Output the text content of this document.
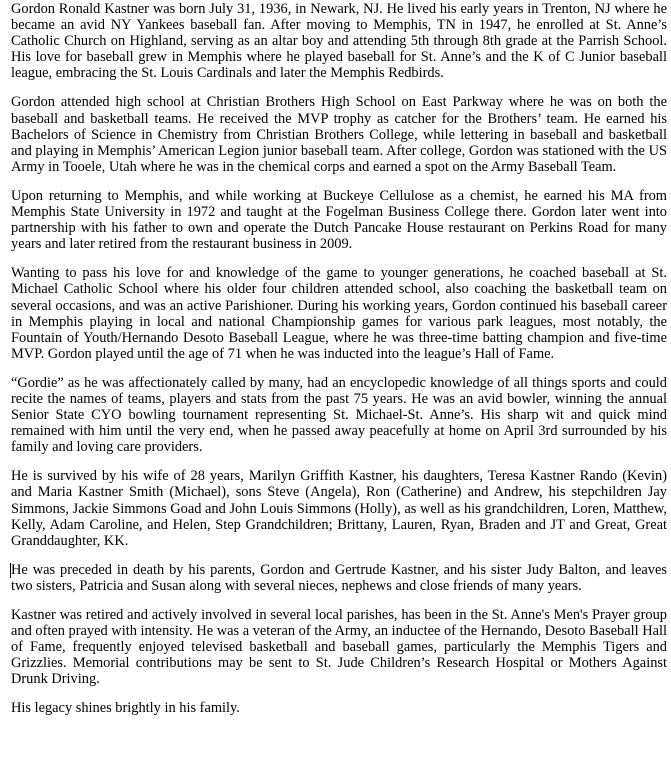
Gordon Ronald Kastner was born July 31, 1936, in Newark, NJ. He lived his early years in Trenton, NJ where he became an avid NY Yankees baseball fan. After moving to Memphis, TN in 1947, he enrolled at St. Anne’s Catholic Church on Highland, serving as an altar boy and attending 5th through 8th grade at the Parrish School. His love for baseball grew in Memphis where he played baseball for St. Anne’s and the K of C Junior baseball league, embracing the St. Louis Cardinals and later the Memphis Redbirds.

Gordon attended high school at Christian Brothers High School on East Parkway where he was on both the baseball and basketball teams. He received the MVP trophy as catcher for the Brothers’ team. He earned his Bachelors of Science in Chemistry from Christian Brothers College, while lettering in baseball and basketball and playing in Memphis’ American Legion junior baseball team. After college, Gordon was stationed with the US Army in Tooele, Utah where he was in the chemical corps and earned a spot on the Army Baseball Team.

Upon returning to Memphis, and while working at Buckeye Cellulose as a chemist, he earned his MA from Memphis State University in 1972 and taught at the Fogelman Business College there. Gordon later went into partnership with his father to own and operate the Dutch Pancake House restaurant on Perkins Road for many years and later retired from the restaurant business in 2009.

Wanting to pass his love for and knowledge of the game to younger generations, he coached baseball at St. Michael Catholic School where his older four children attended school, also coaching the basketball team on several occasions, and was an active Parishioner. During his working years, Gordon continued his baseball career in Memphis playing in local and national Championship games for various park leagues, most notably, the Fountain of Youth/Hernando Desoto Baseball League, where he was three-time batting champion and five-time MVP. Gordon played until the age of 71 when he was inducted into the league’s Hall of Fame.

“Gordie” as he was affectionately called by many, had an encyclopedic knowledge of all things sports and could recite the names of teams, players and stats from the past 75 years. He was an avid bowler, winning the annual Senior State CYO bowling tournament representing St. Michael-St. Anne’s. His sharp wit and quick mind remained with him until the very end, when he passed away peacefully at home on April 3rd surrounded by his family and loving care providers.

He is survived by his wife of 28 years, Marilyn Griffith Kastner, his daughters, Teresa Kastner Rando (Kevin) and Maria Kastner Smith (Michael), sons Steve (Angela), Ron (Catherine) and Andrew, his stepchildren Jay Simmons, Jackie Simmons Goad and John Louis Simmons (Holly), as well as his grandchildren, Loren, Matthew, Kelly, Adam Caroline, and Helen, Step Grandchildren; Brittany, Lauren, Ryan, Braden and JT and Great, Great Granddaughter, KK.

He was preceded in death by his parents, Gordon and Gertrude Kastner, and his sister Judy Balton, and leaves two sisters, Patricia and Susan along with several nieces, nephews and close friends of many years.

Kastner was retired and actively involved in several local parishes, has been in the St. Anne's Men's Prayer group and often prayed with intensity. He was a veteran of the Army, an inductee of the Hernando, Desoto Baseball Hall of Fame, frequently enjoyed televised basketball and baseball games, particularly the Memphis Tigers and Grizzlies. Memorial contributions may be sent to St. Jude Children’s Research Hospital or Mothers Against Drunk Driving.

His legacy shines brightly in his family.
